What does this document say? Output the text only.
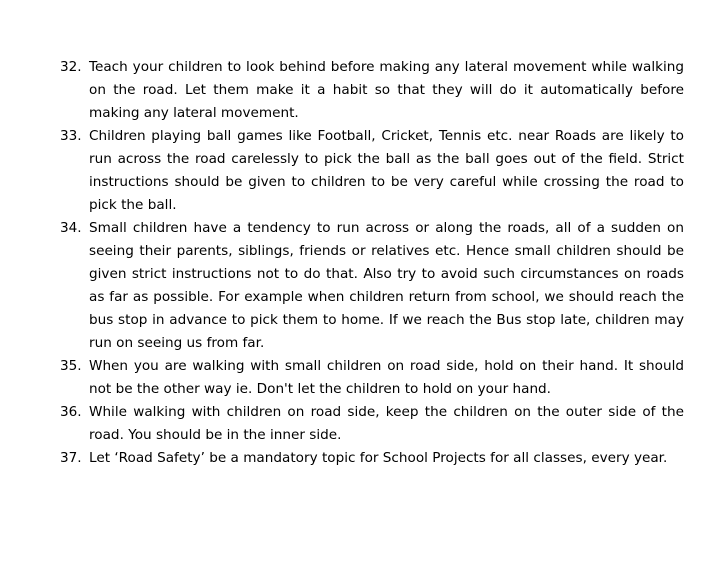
32. Teach your children to look behind before making any lateral movement while walking on the road. Let them make it a habit so that they will do it automatically before making any lateral movement.
33. Children playing ball games like Football, Cricket, Tennis etc. near Roads are likely to run across the road carelessly to pick the ball as the ball goes out of the field. Strict instructions should be given to children to be very careful while crossing the road to pick the ball.
34. Small children have a tendency to run across or along the roads, all of a sudden on seeing their parents, siblings, friends or relatives etc. Hence small children should be given strict instructions not to do that. Also try to avoid such circumstances on roads as far as possible. For example when children return from school, we should reach the bus stop in advance to pick them to home. If we reach the Bus stop late, children may run on seeing us from far.
35. When you are walking with small children on road side, hold on their hand. It should not be the other way ie. Don't let the children to hold on your hand.
36. While walking with children on road side, keep the children on the outer side of the road. You should be in the inner side.
37. Let ‘Road Safety’ be a mandatory topic for School Projects for all classes, every year.
